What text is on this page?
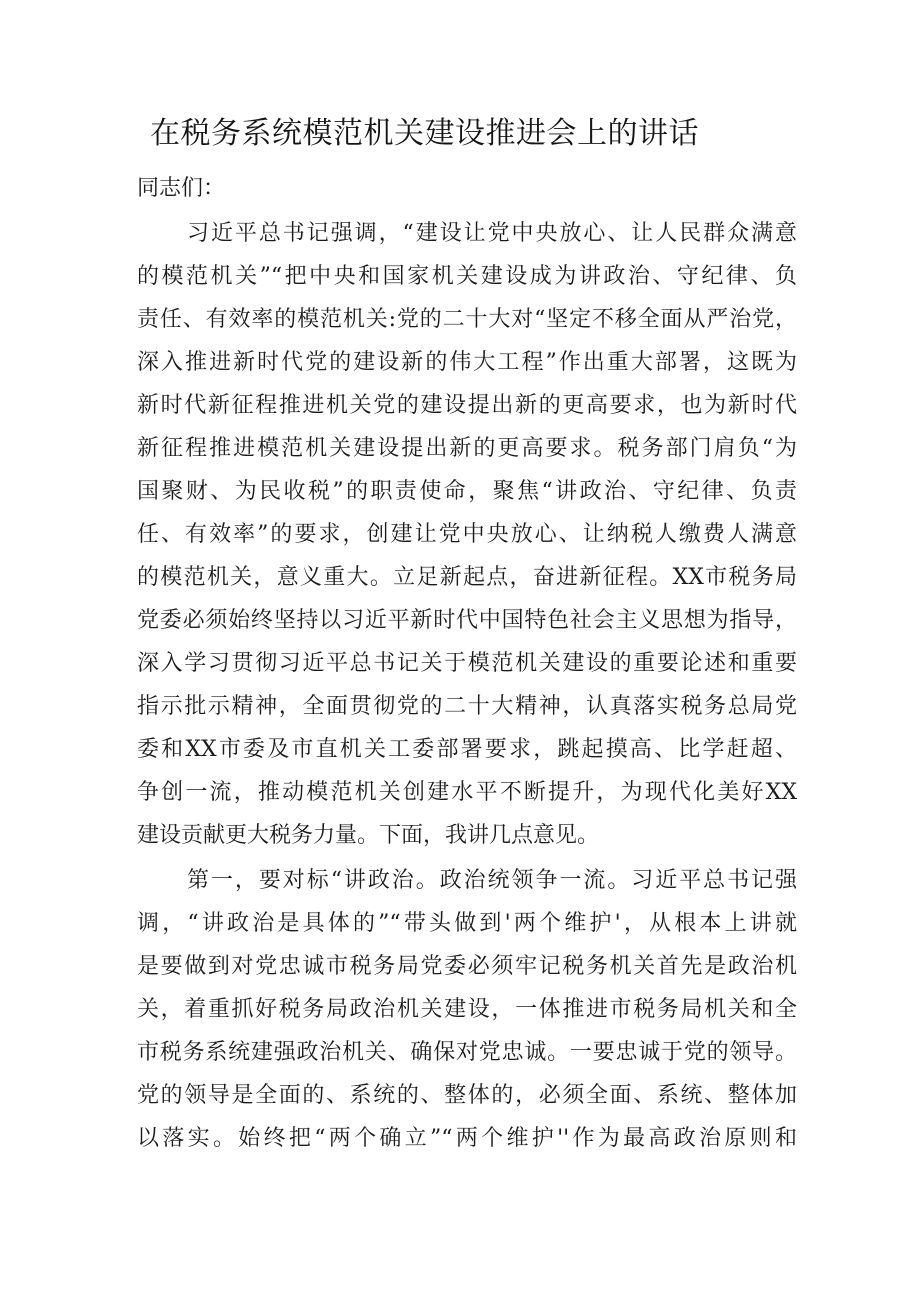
在税务系统模范机关建设推进会上的讲话
同志们：
习近平总书记强调，“建设让党中央放心、让人民群众满意
的模范机关”“把中央和国家机关建设成为讲政治、守纪律、负
责任、有效率的模范机关:党的二十大对“坚定不移全面从严治党，
深入推进新时代党的建设新的伟大工程”作出重大部署，这既为
新时代新征程推进机关党的建设提出新的更高要求，也为新时代
新征程推进模范机关建设提出新的更高要求。税务部门肩负“为
国聚财、为民收税”的职责使命，聚焦“讲政治、守纪律、负责
任、有效率”的要求，创建让党中央放心、让纳税人缴费人满意
的模范机关，意义重大。立足新起点，奋进新征程。XX市税务局
党委必须始终坚持以习近平新时代中国特色社会主义思想为指导，
深入学习贯彻习近平总书记关于模范机关建设的重要论述和重要
指示批示精神，全面贯彻党的二十大精神，认真落实税务总局党
委和XX市委及市直机关工委部署要求，跳起摸高、比学赶超、
争创一流，推动模范机关创建水平不断提升，为现代化美好XX
建设贡献更大税务力量。下面，我讲几点意见。
第一，要对标“讲政治。政治统领争一流。习近平总书记强
调，“讲政治是具体的”“带头做到'两个维护'，从根本上讲就
是要做到对党忠诚市税务局党委必须牢记税务机关首先是政治机
关，着重抓好税务局政治机关建设，一体推进市税务局机关和全
市税务系统建强政治机关、确保对党忠诚。一要忠诚于党的领导。
党的领导是全面的、系统的、整体的，必须全面、系统、整体加
以落实。始终把“两个确立”“两个维护''作为最高政治原则和
